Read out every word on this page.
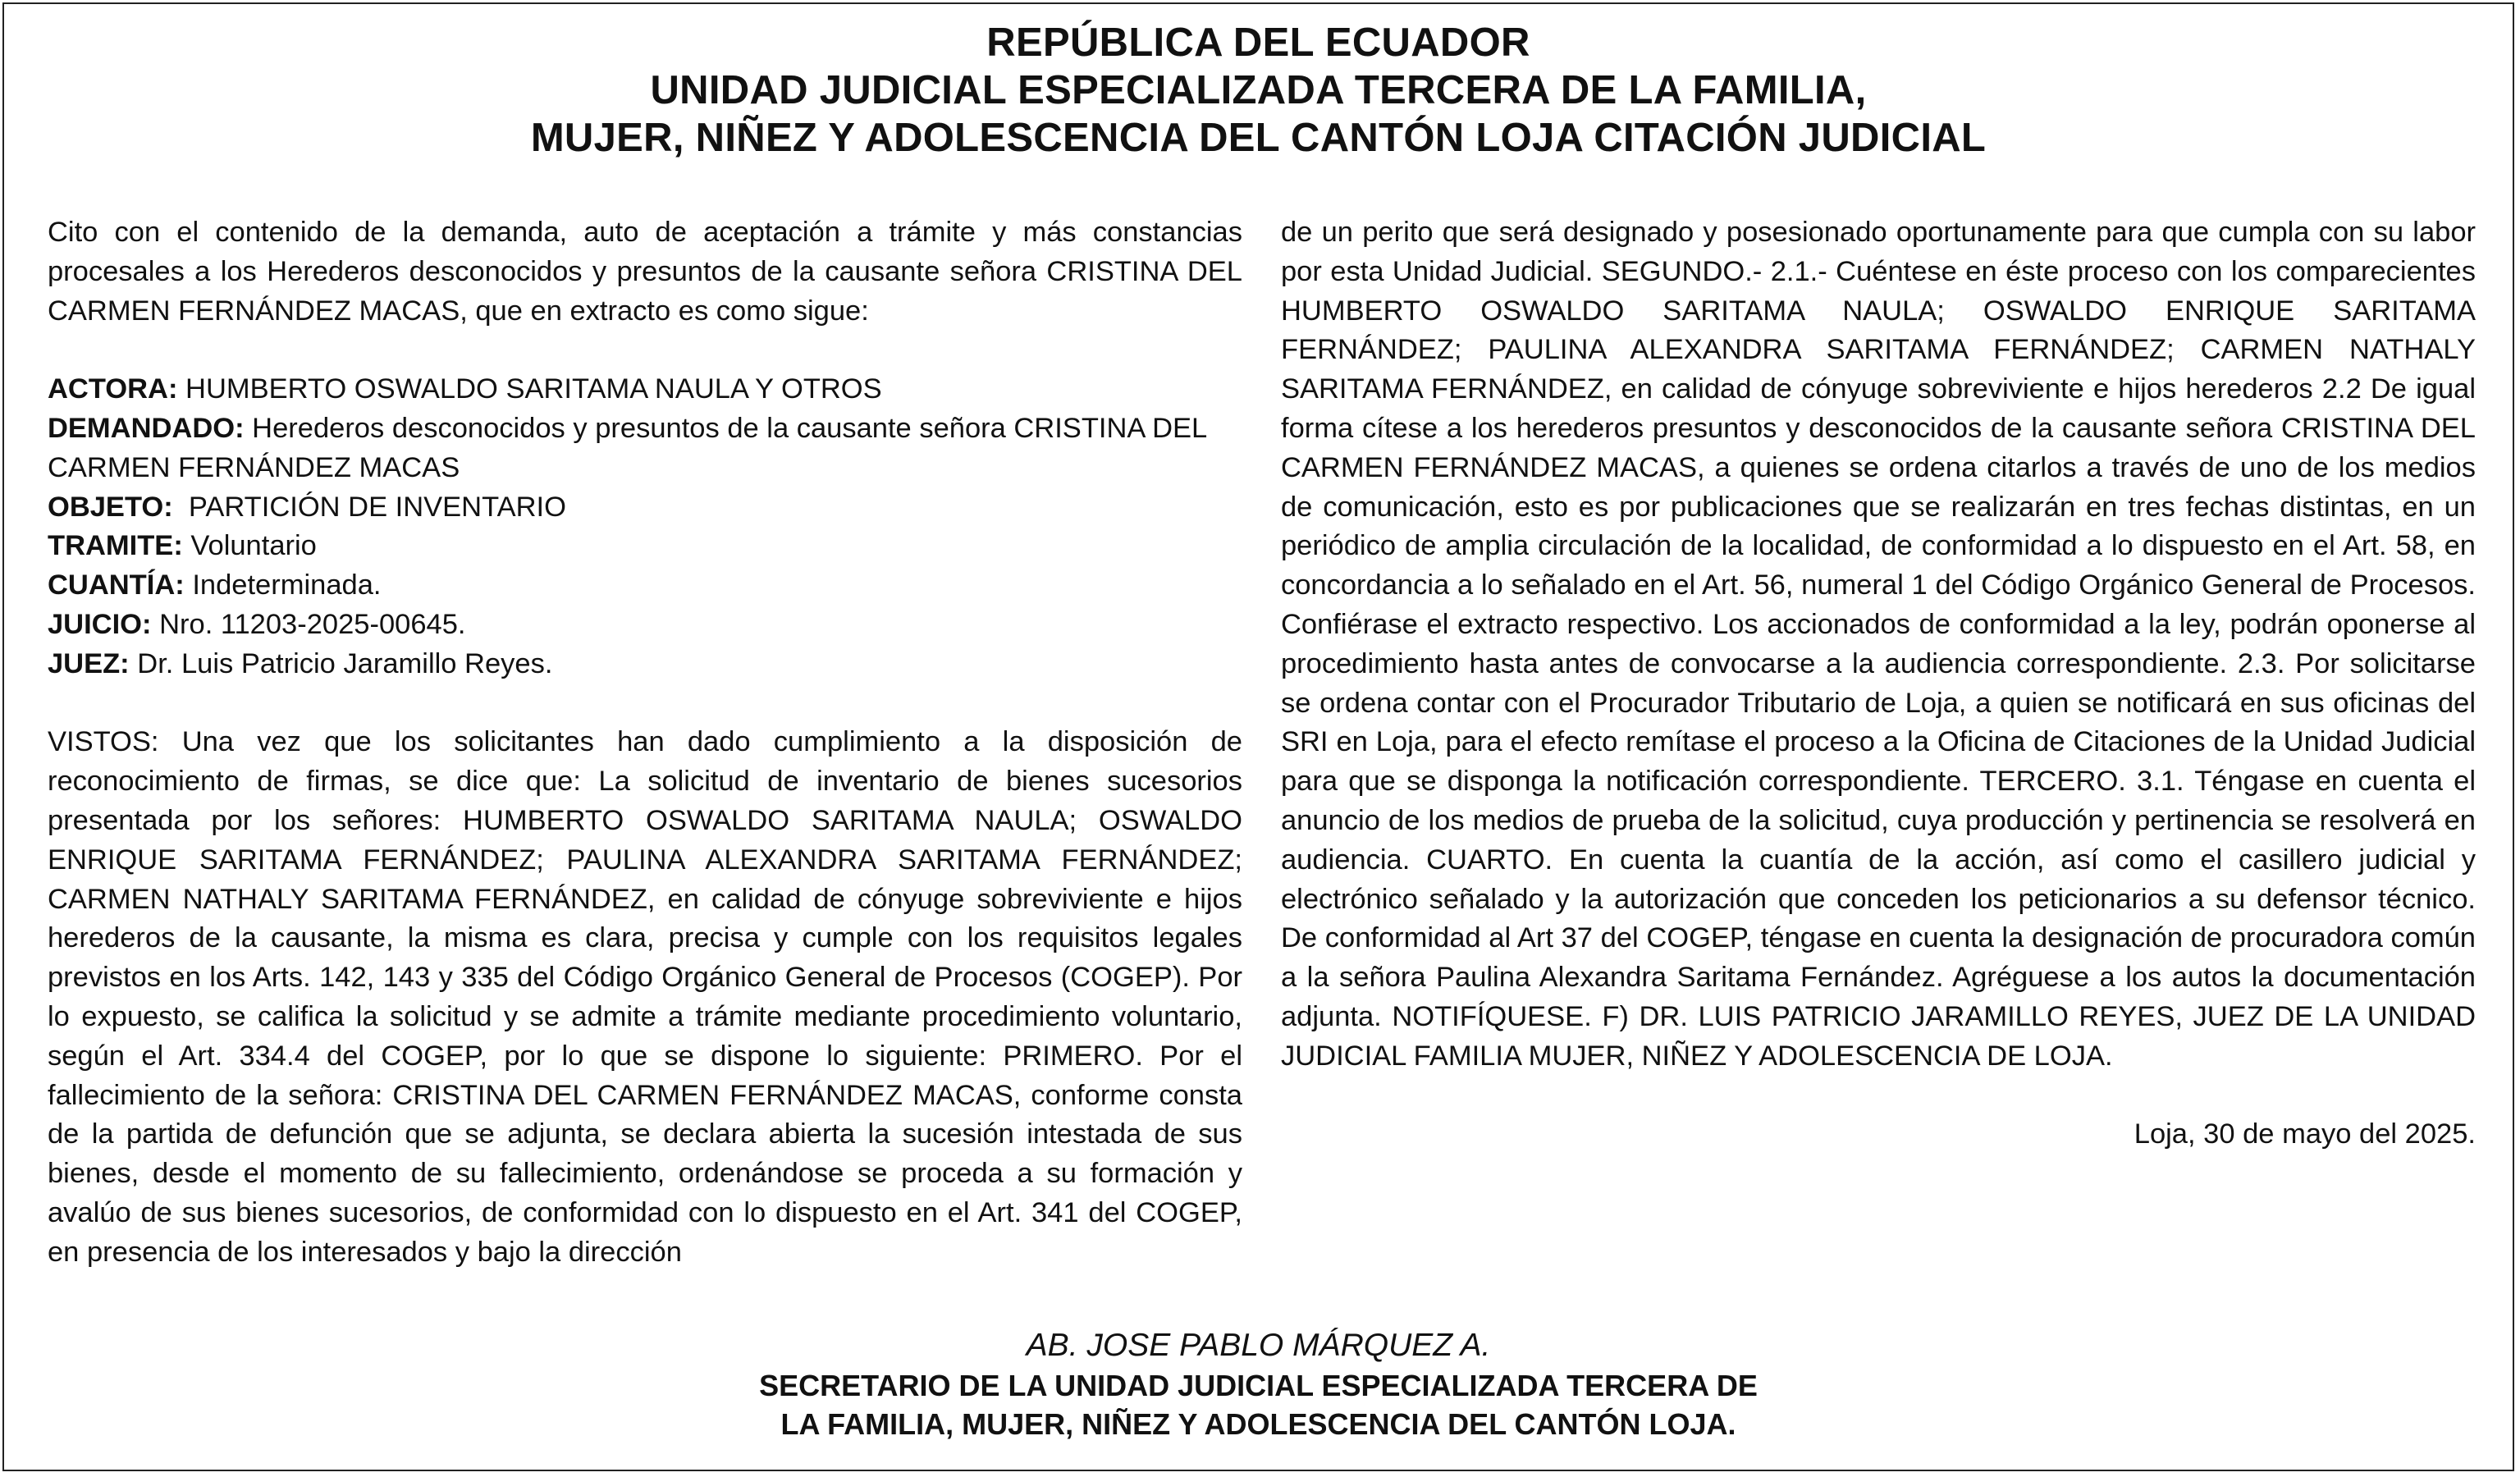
REPÚBLICA DEL ECUADOR
UNIDAD JUDICIAL ESPECIALIZADA TERCERA DE LA FAMILIA,
MUJER, NIÑEZ Y ADOLESCENCIA DEL CANTÓN LOJA CITACIÓN JUDICIAL

Cito con el contenido de la demanda, auto de aceptación a trámite y más constancias procesales a los Herederos desconocidos y presuntos de la causante señora CRISTINA DEL CARMEN FERNÁNDEZ MACAS, que en extracto es como sigue:

ACTORA: HUMBERTO OSWALDO SARITAMA NAULA Y OTROS
DEMANDADO: Herederos desconocidos y presuntos de la causante señora CRISTINA DEL CARMEN FERNÁNDEZ MACAS
OBJETO:  PARTICIÓN DE INVENTARIO
TRAMITE: Voluntario
CUANTÍA: Indeterminada.
JUICIO: Nro. 11203-2025-00645.
JUEZ: Dr. Luis Patricio Jaramillo Reyes.

VISTOS: Una vez que los solicitantes han dado cumplimiento a la disposición de reconocimiento de firmas, se dice que: La solicitud de inventario de bienes sucesorios presentada por los señores: HUMBERTO OSWALDO SARITAMA NAULA; OSWALDO ENRIQUE SARITAMA FERNÁNDEZ; PAULINA ALEXANDRA SARITAMA FERNÁNDEZ; CARMEN NATHALY SARITAMA FERNÁNDEZ, en calidad de cónyuge sobreviviente e hijos herederos de la causante, la misma es clara, precisa y cumple con los requisitos legales previstos en los Arts. 142, 143 y 335 del Código Orgánico General de Procesos (COGEP). Por lo expuesto, se califica la solicitud y se admite a trámite mediante procedimiento voluntario, según el Art. 334.4 del COGEP, por lo que se dispone lo siguiente: PRIMERO. Por el fallecimiento de la señora: CRISTINA DEL CARMEN FERNÁNDEZ MACAS, conforme consta de la partida de defunción que se adjunta, se declara abierta la sucesión intestada de sus bienes, desde el momento de su fallecimiento, ordenándose se proceda a su formación y avalúo de sus bienes sucesorios, de conformidad con lo dispuesto en el Art. 341 del COGEP, en presencia de los interesados y bajo la dirección

de un perito que será designado y posesionado oportunamente para que cumpla con su labor por esta Unidad Judicial. SEGUNDO.- 2.1.- Cuéntese en éste proceso con los comparecientes HUMBERTO OSWALDO SARITAMA NAULA; OSWALDO ENRIQUE SARITAMA FERNÁNDEZ; PAULINA ALEXANDRA SARITAMA FERNÁNDEZ; CARMEN NATHALY SARITAMA FERNÁNDEZ, en calidad de cónyuge sobreviviente e hijos herederos 2.2 De igual forma cítese a los herederos presuntos y desconocidos de la causante señora CRISTINA DEL CARMEN FERNÁNDEZ MACAS, a quienes se ordena citarlos a través de uno de los medios de comunicación, esto es por publicaciones que se realizarán en tres fechas distintas, en un periódico de amplia circulación de la localidad, de conformidad a lo dispuesto en el Art. 58, en concordancia a lo señalado en el Art. 56, numeral 1 del Código Orgánico General de Procesos. Confiérase el extracto respectivo. Los accionados de conformidad a la ley, podrán oponerse al procedimiento hasta antes de convocarse a la audiencia correspondiente. 2.3. Por solicitarse se ordena contar con el Procurador Tributario de Loja, a quien se notificará en sus oficinas del SRI en Loja, para el efecto remítase el proceso a la Oficina de Citaciones de la Unidad Judicial para que se disponga la notificación correspondiente. TERCERO. 3.1. Téngase en cuenta el anuncio de los medios de prueba de la solicitud, cuya producción y pertinencia se resolverá en audiencia. CUARTO. En cuenta la cuantía de la acción, así como el casillero judicial y electrónico señalado y la autorización que conceden los peticionarios a su defensor técnico. De conformidad al Art 37 del COGEP, téngase en cuenta la designación de procuradora común a la señora Paulina Alexandra Saritama Fernández. Agréguese a los autos la documentación adjunta. NOTIFÍQUESE. F) DR. LUIS PATRICIO JARAMILLO REYES, JUEZ DE LA UNIDAD JUDICIAL FAMILIA MUJER, NIÑEZ Y ADOLESCENCIA DE LOJA.

Loja, 30 de mayo del 2025.
AB. JOSE PABLO MÁRQUEZ A.
SECRETARIO DE LA UNIDAD JUDICIAL ESPECIALIZADA TERCERA DE
LA FAMILIA, MUJER, NIÑEZ Y ADOLESCENCIA DEL CANTÓN LOJA.
